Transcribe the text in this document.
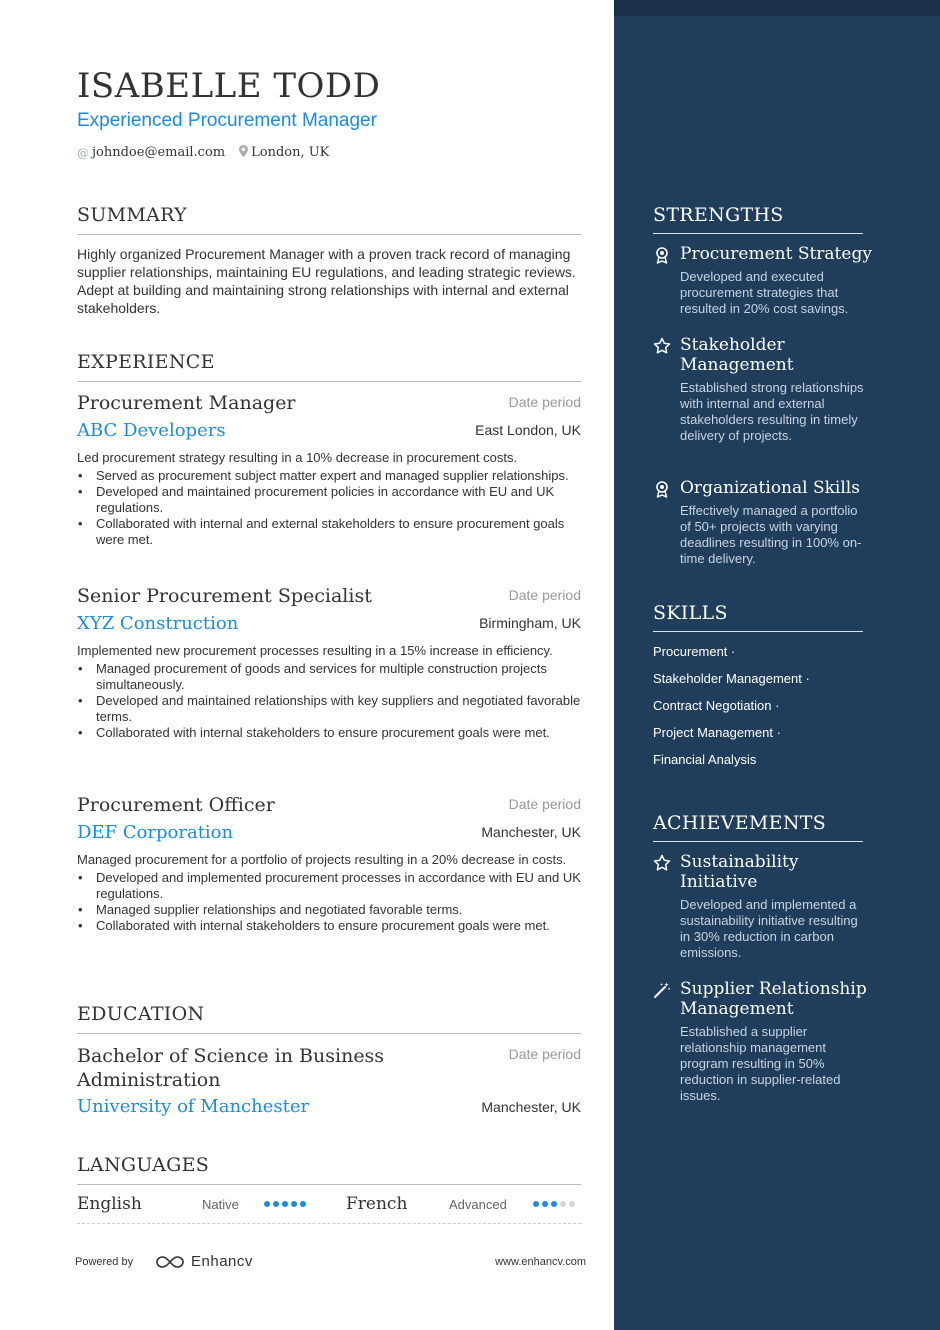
ISABELLE TODD
Experienced Procurement Manager
@ johndoe@email.com London, UK
SUMMARY
Highly organized Procurement Manager with a proven track record of managing supplier relationships, maintaining EU regulations, and leading strategic reviews. Adept at building and maintaining strong relationships with internal and external stakeholders.
EXPERIENCE
Procurement Manager	Date period
ABC Developers	East London, UK
Led procurement strategy resulting in a 10% decrease in procurement costs.
• Served as procurement subject matter expert and managed supplier relationships.
• Developed and maintained procurement policies in accordance with EU and UK regulations.
• Collaborated with internal and external stakeholders to ensure procurement goals were met.
Senior Procurement Specialist	Date period
XYZ Construction	Birmingham, UK
Implemented new procurement processes resulting in a 15% increase in efficiency.
• Managed procurement of goods and services for multiple construction projects simultaneously.
• Developed and maintained relationships with key suppliers and negotiated favorable terms.
• Collaborated with internal stakeholders to ensure procurement goals were met.
Procurement Officer	Date period
DEF Corporation	Manchester, UK
Managed procurement for a portfolio of projects resulting in a 20% decrease in costs.
• Developed and implemented procurement processes in accordance with EU and UK regulations.
• Managed supplier relationships and negotiated favorable terms.
• Collaborated with internal stakeholders to ensure procurement goals were met.
EDUCATION
Bachelor of Science in Business Administration
Date period
University of Manchester	Manchester, UK
LANGUAGES
English	Native	French	Advanced
Powered by	Enhancv	www.enhancv.com
STRENGTHS
Procurement Strategy
Developed and executed procurement strategies that resulted in 20% cost savings.
Stakeholder Management
Established strong relationships with internal and external stakeholders resulting in timely delivery of projects.
Organizational Skills
Effectively managed a portfolio of 50+ projects with varying deadlines resulting in 100% on-time delivery.
SKILLS
Procurement ·
Stakeholder Management ·
Contract Negotiation ·
Project Management ·
Financial Analysis
ACHIEVEMENTS
Sustainability Initiative
Developed and implemented a sustainability initiative resulting in 30% reduction in carbon emissions.
Supplier Relationship Management
Established a supplier relationship management program resulting in 50% reduction in supplier-related issues.
